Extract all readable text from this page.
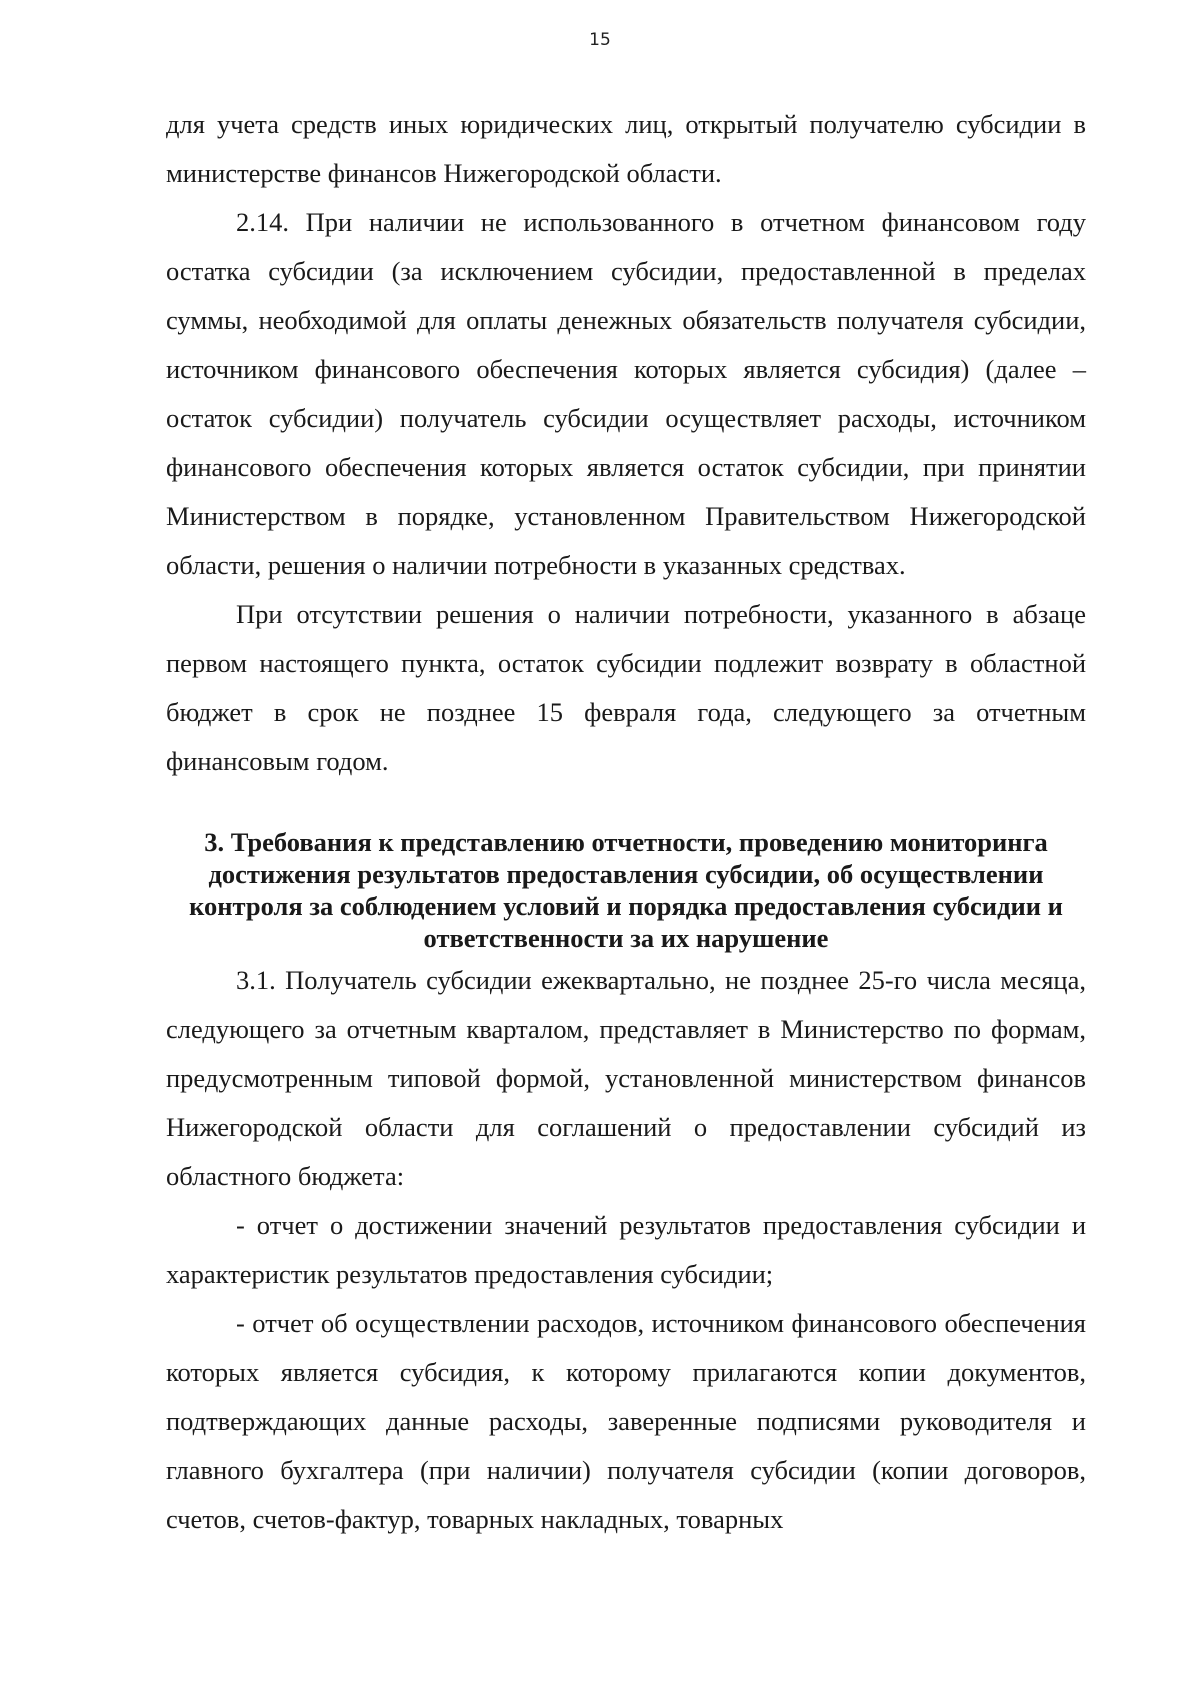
15

для учета средств иных юридических лиц, открытый получателю субсидии в министерстве финансов Нижегородской области.

2.14. При наличии не использованного в отчетном финансовом году остатка субсидии (за исключением субсидии, предоставленной в пределах суммы, необходимой для оплаты денежных обязательств получателя субсидии, источником финансового обеспечения которых является субсидия) (далее – остаток субсидии) получатель субсидии осуществляет расходы, источником финансового обеспечения которых является остаток субсидии, при принятии Министерством в порядке, установленном Правительством Нижегородской области, решения о наличии потребности в указанных средствах.

При отсутствии решения о наличии потребности, указанного в абзаце первом настоящего пункта, остаток субсидии подлежит возврату в областной бюджет в срок не позднее 15 февраля года, следующего за отчетным финансовым годом.

3. Требования к представлению отчетности, проведению мониторинга достижения результатов предоставления субсидии, об осуществлении контроля за соблюдением условий и порядка предоставления субсидии и ответственности за их нарушение

3.1. Получатель субсидии ежеквартально, не позднее 25-го числа месяца, следующего за отчетным кварталом, представляет в Министерство по формам, предусмотренным типовой формой, установленной министерством финансов Нижегородской области для соглашений о предоставлении субсидий из областного бюджета:

- отчет о достижении значений результатов предоставления субсидии и характеристик результатов предоставления субсидии;

- отчет об осуществлении расходов, источником финансового обеспечения которых является субсидия, к которому прилагаются копии документов, подтверждающих данные расходы, заверенные подписями руководителя и главного бухгалтера (при наличии) получателя субсидии (копии договоров, счетов, счетов-фактур, товарных накладных, товарных
